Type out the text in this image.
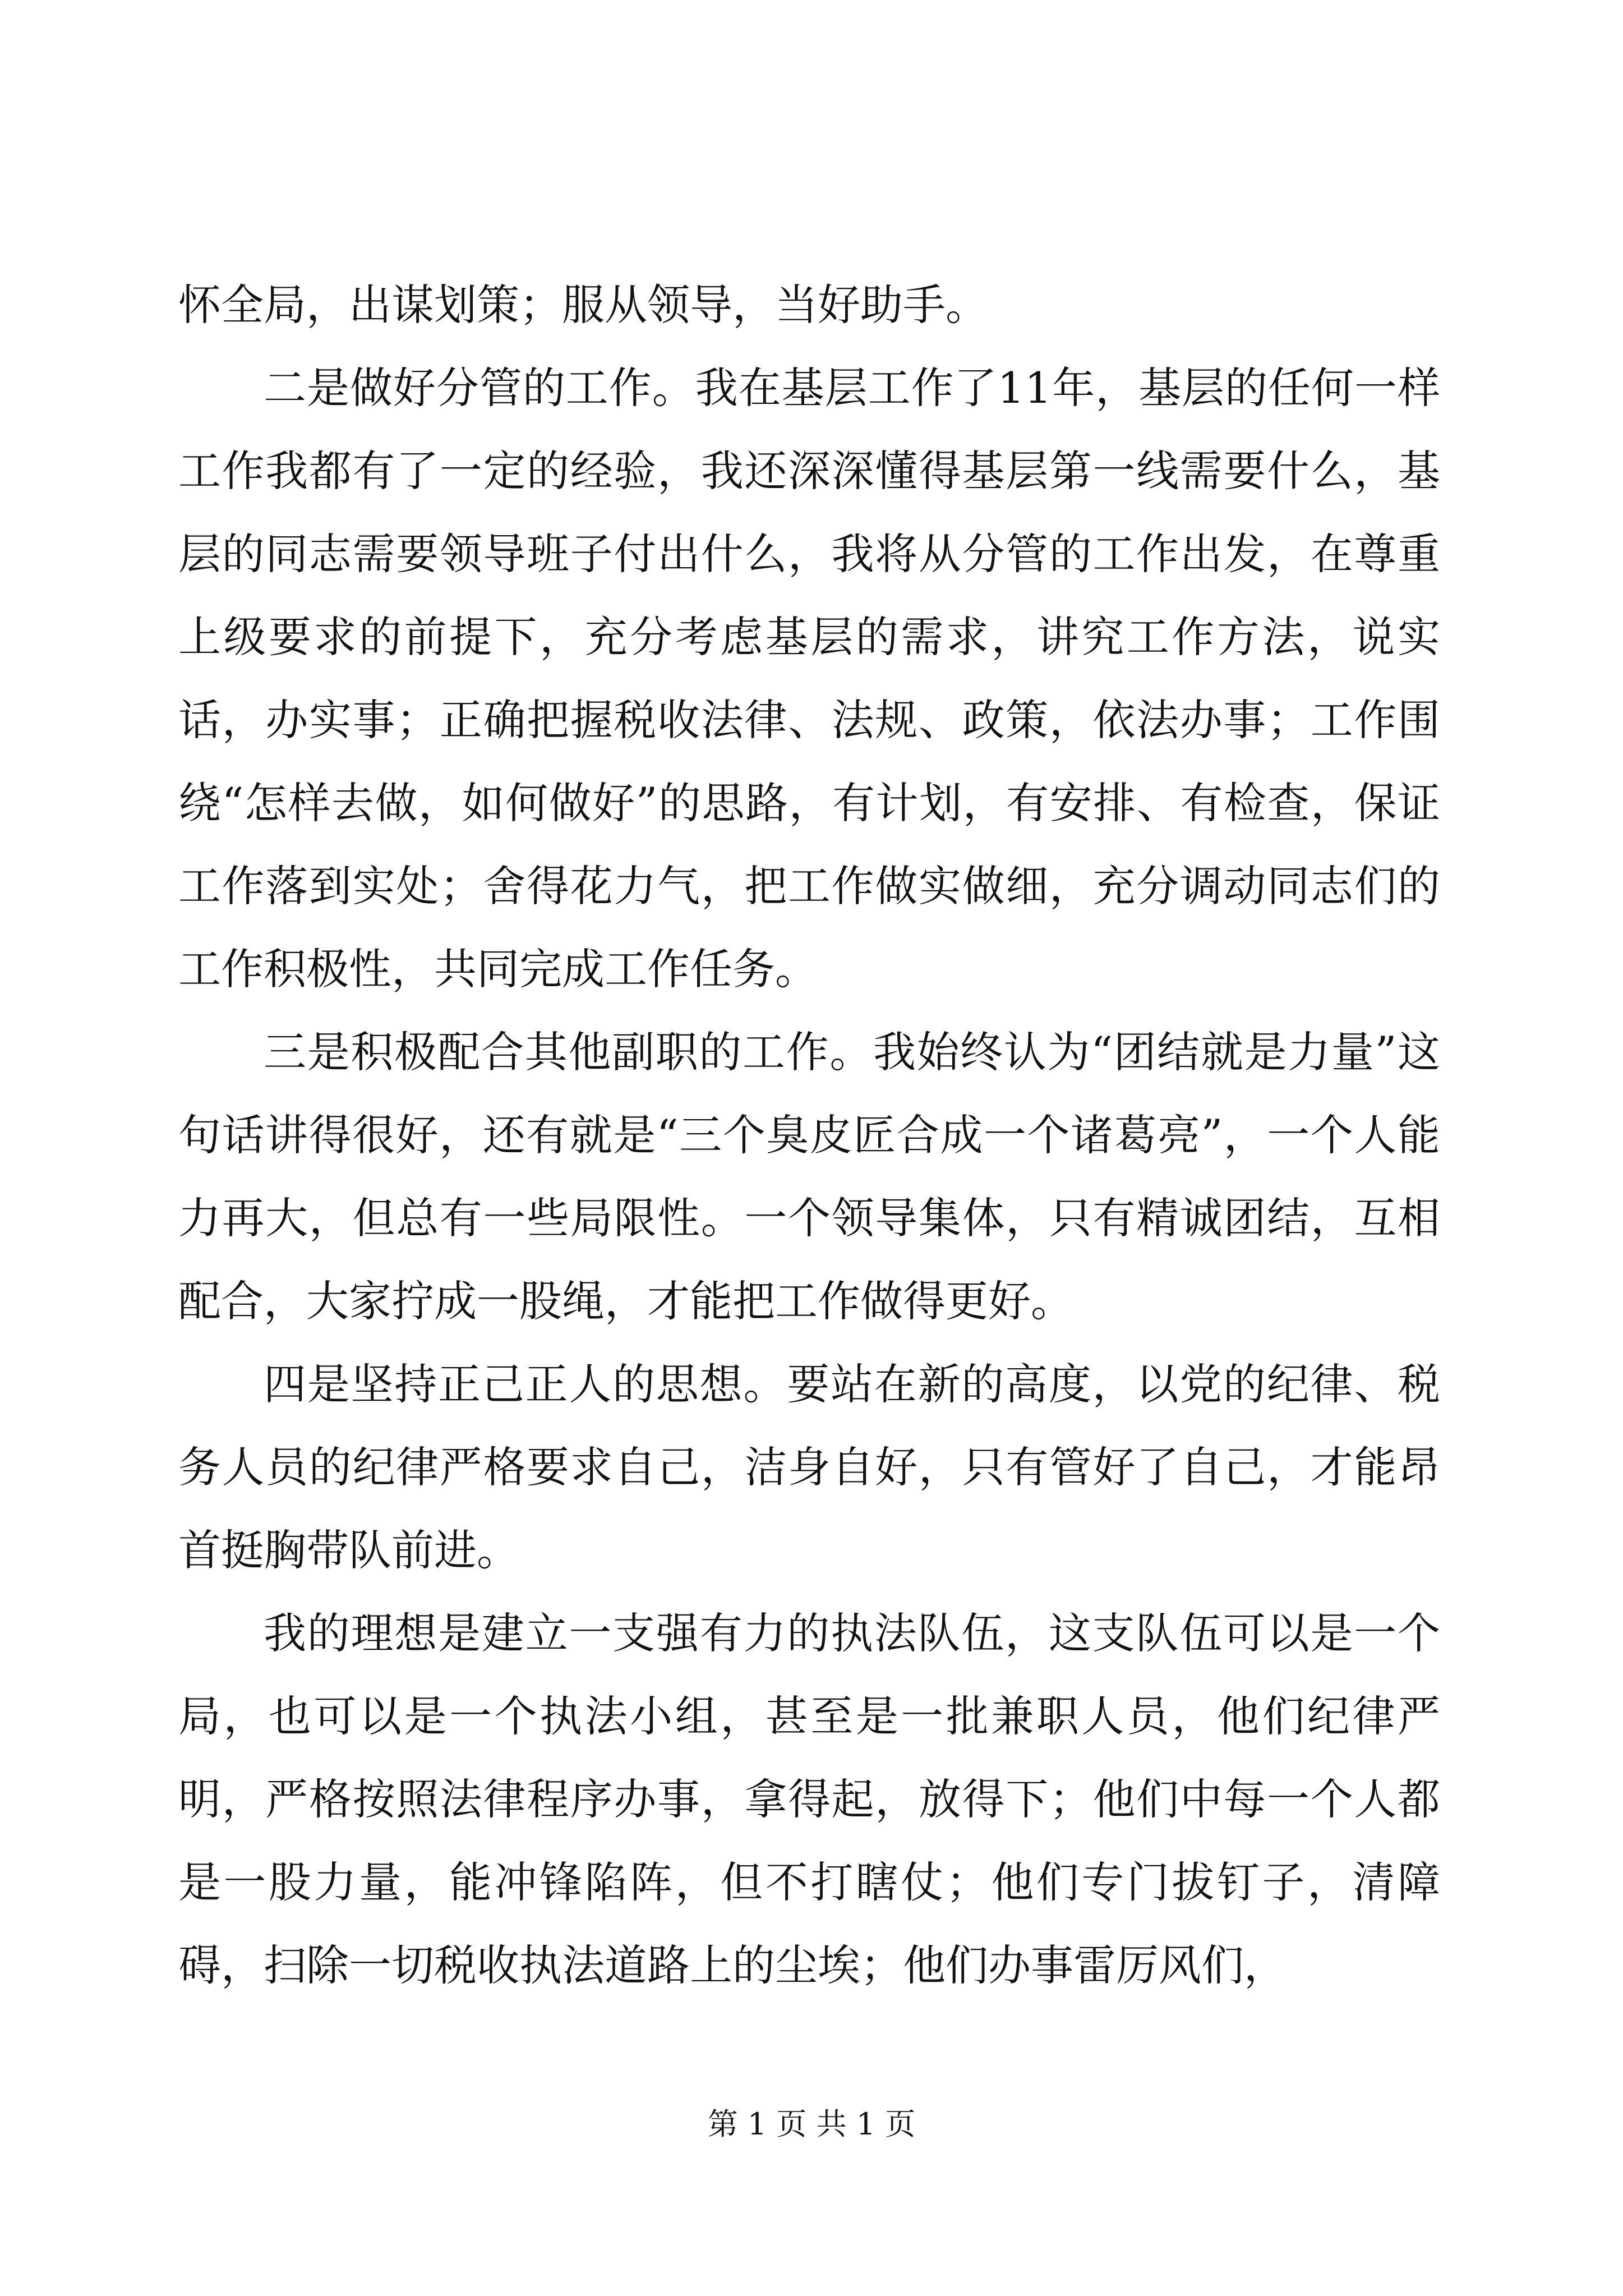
怀全局，出谋划策；服从领导，当好助手。

二是做好分管的工作。我在基层工作了11年，基层的任何一样工作我都有了一定的经验，我还深深懂得基层第一线需要什么，基层的同志需要领导班子付出什么，我将从分管的工作出发，在尊重上级要求的前提下，充分考虑基层的需求，讲究工作方法，说实话，办实事；正确把握税收法律、法规、政策，依法办事；工作围绕“怎样去做，如何做好”的思路，有计划，有安排、有检查，保证工作落到实处；舍得花力气，把工作做实做细，充分调动同志们的工作积极性，共同完成工作任务。

三是积极配合其他副职的工作。我始终认为“团结就是力量”这句话讲得很好，还有就是“三个臭皮匠合成一个诸葛亮”，一个人能力再大，但总有一些局限性。一个领导集体，只有精诚团结，互相配合，大家拧成一股绳，才能把工作做得更好。

四是坚持正己正人的思想。要站在新的高度，以党的纪律、税务人员的纪律严格要求自己，洁身自好，只有管好了自己，才能昂首挺胸带队前进。

我的理想是建立一支强有力的执法队伍，这支队伍可以是一个局，也可以是一个执法小组，甚至是一批兼职人员，他们纪律严明，严格按照法律程序办事，拿得起，放得下；他们中每一个人都是一股力量，能冲锋陷阵，但不打瞎仗；他们专门拔钉子，清障碍，扫除一切税收执法道路上的尘埃；他们办事雷厉风们，

第 1 页 共 1 页
